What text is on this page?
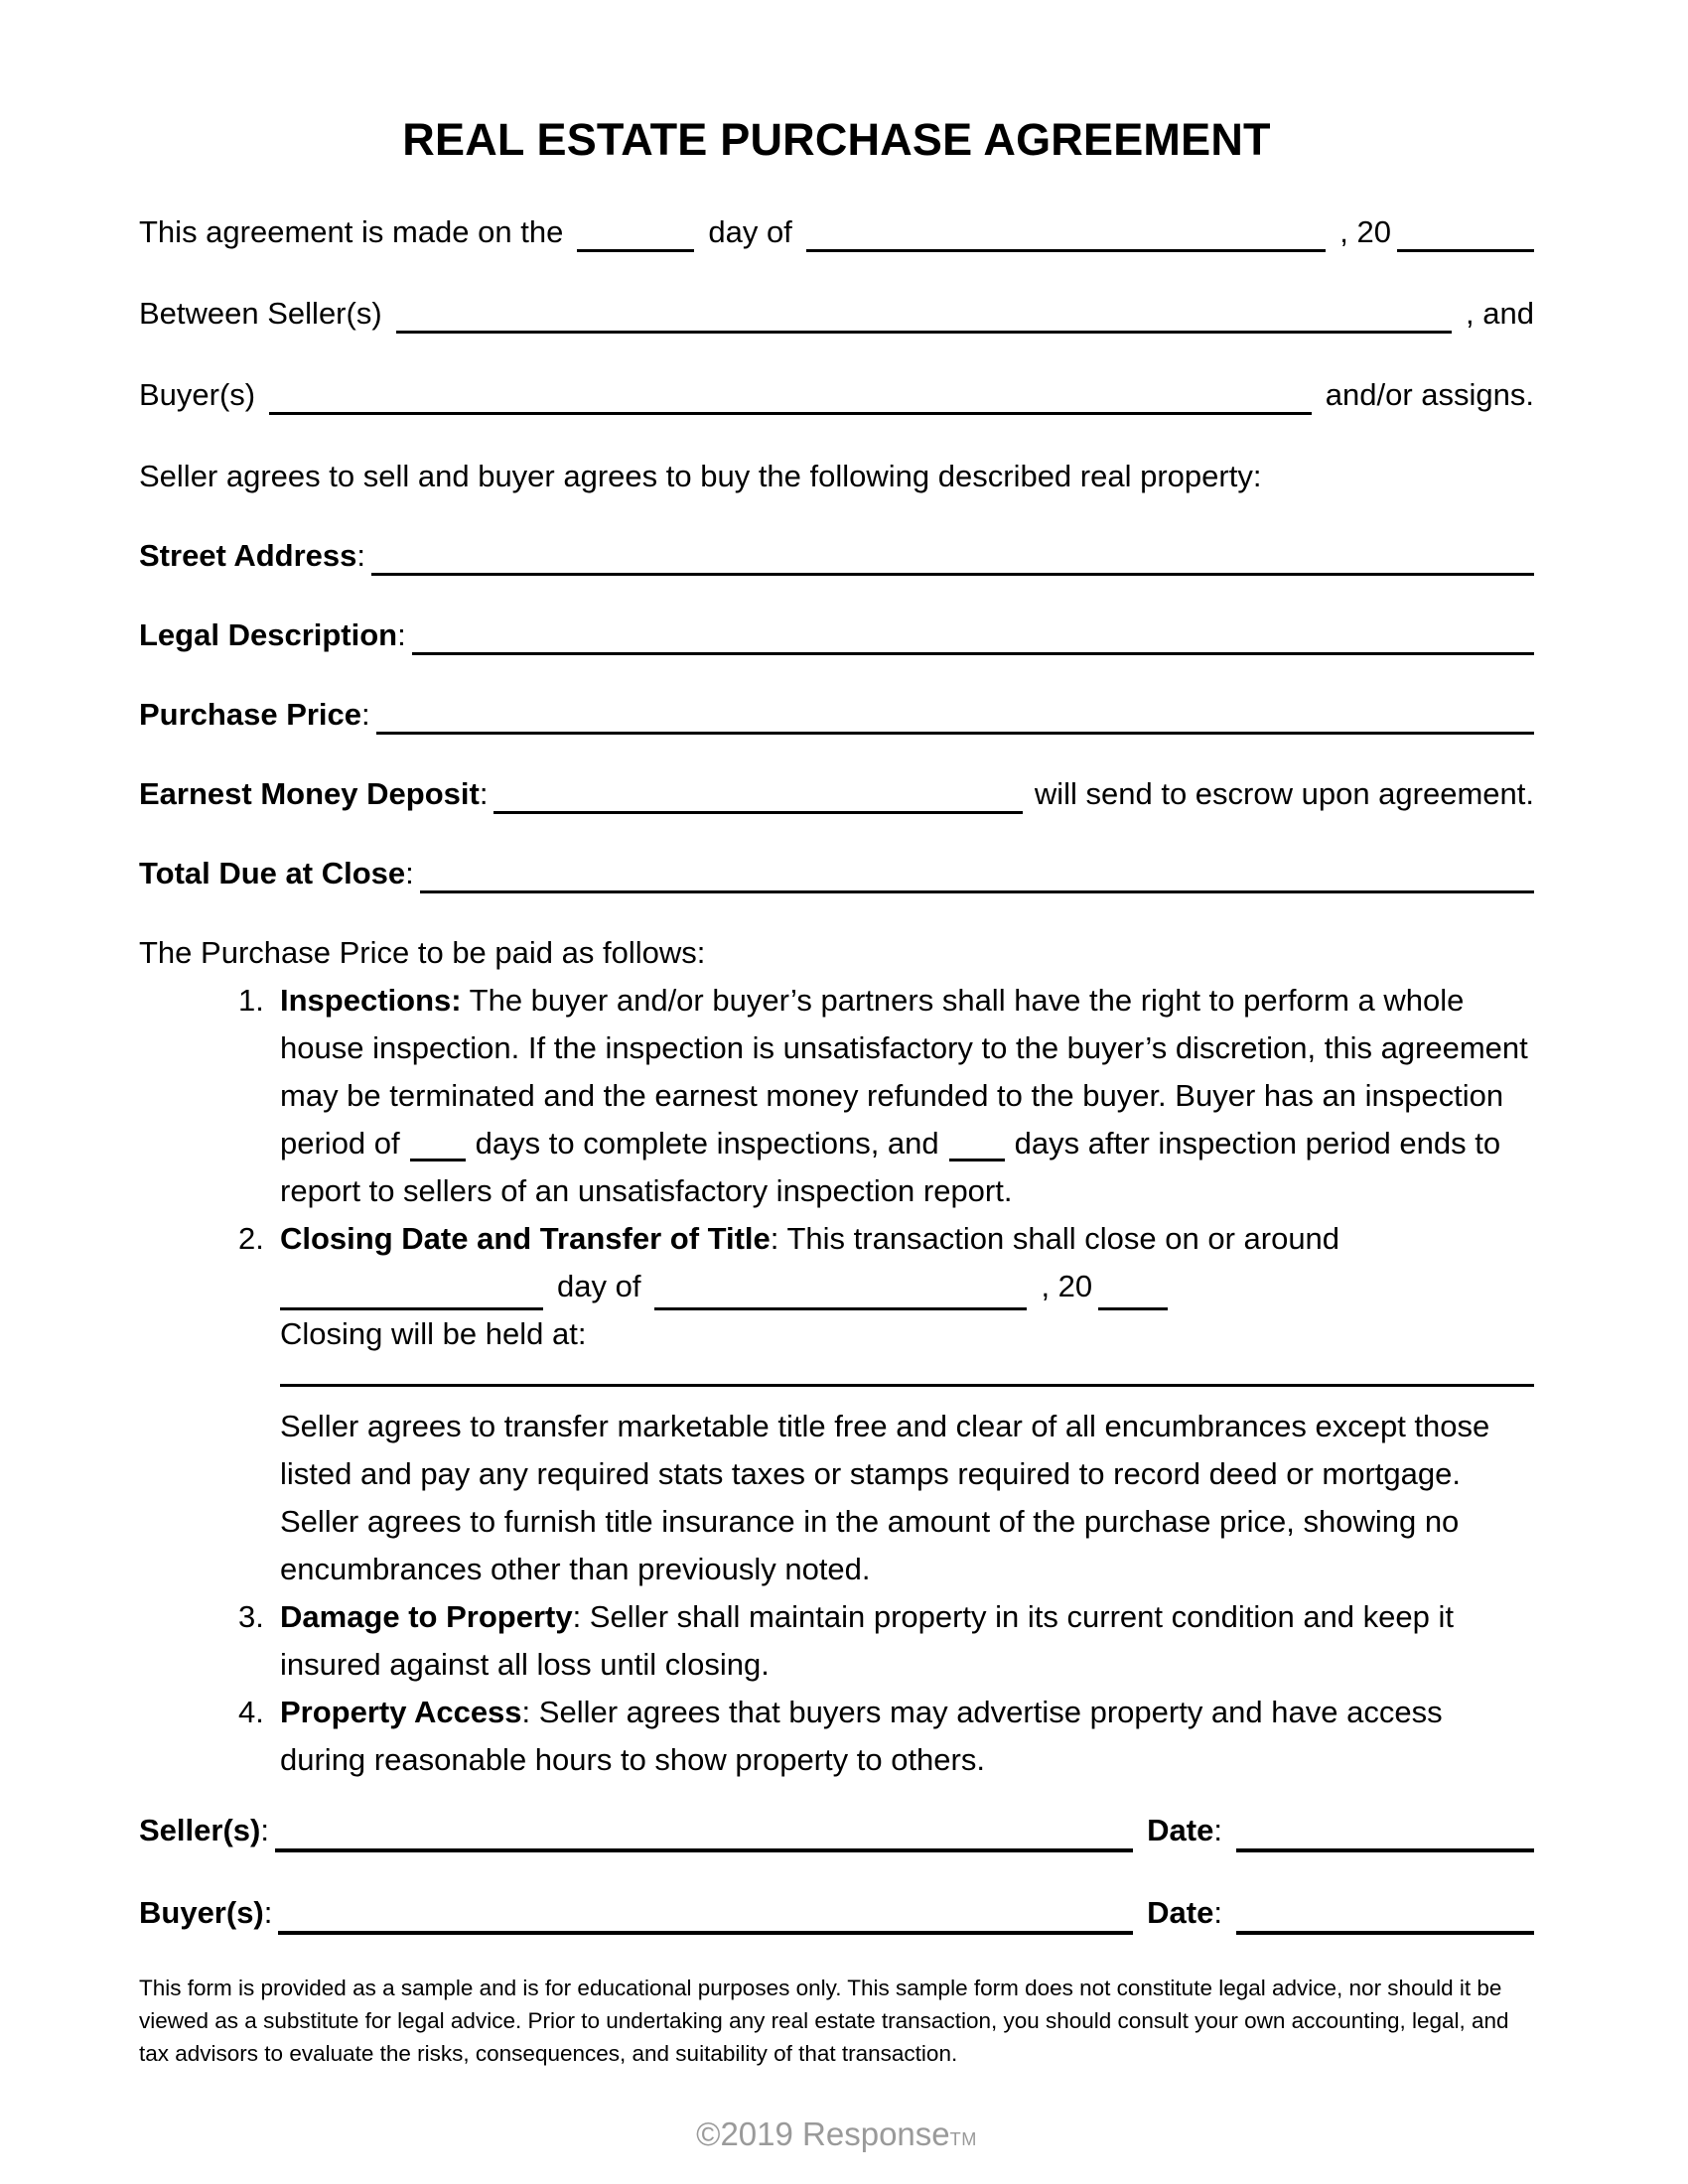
REAL ESTATE PURCHASE AGREEMENT
This agreement is made on the	day of	, 20
Between Seller(s)	, and
Buyer(s)	and/or assigns.

Seller agrees to sell and buyer agrees to buy the following described real property:

Street Address :
Legal Description :
Purchase Price :
Earnest Money Deposit :	will send to escrow upon agreement.
Total Due at Close :

The Purchase Price to be paid as follows:

1. Inspections: The buyer and/or buyer’s partners shall have the right to perform a whole house inspection. If the inspection is unsatisfactory to the buyer’s discretion, this agreement may be terminated and the earnest money refunded to the buyer. Buyer has an inspection period of days to complete inspections, and days after inspection period ends to report to sellers of an unsatisfactory inspection report.

2. Closing Date and Transfer of Title: This transaction shall close on or around

day of	, 20

Closing will be held at:

Seller agrees to transfer marketable title free and clear of all encumbrances except those listed and pay any required stats taxes or stamps required to record deed or mortgage. Seller agrees to furnish title insurance in the amount of the purchase price, showing no encumbrances other than previously noted.

3. Damage to Property: Seller shall maintain property in its current condition and keep it insured against all loss until closing.

4. Property Access: Seller agrees that buyers may advertise property and have access during reasonable hours to show property to others.

Seller(s) :	Date :
Buyer(s) :	Date :

This form is provided as a sample and is for educational purposes only. This sample form does not constitute legal advice, nor should it be viewed as a substitute for legal advice. Prior to undertaking any real estate transaction, you should consult your own accounting, legal, and tax advisors to evaluate the risks, consequences, and suitability of that transaction.

©2019 ResponseTM
